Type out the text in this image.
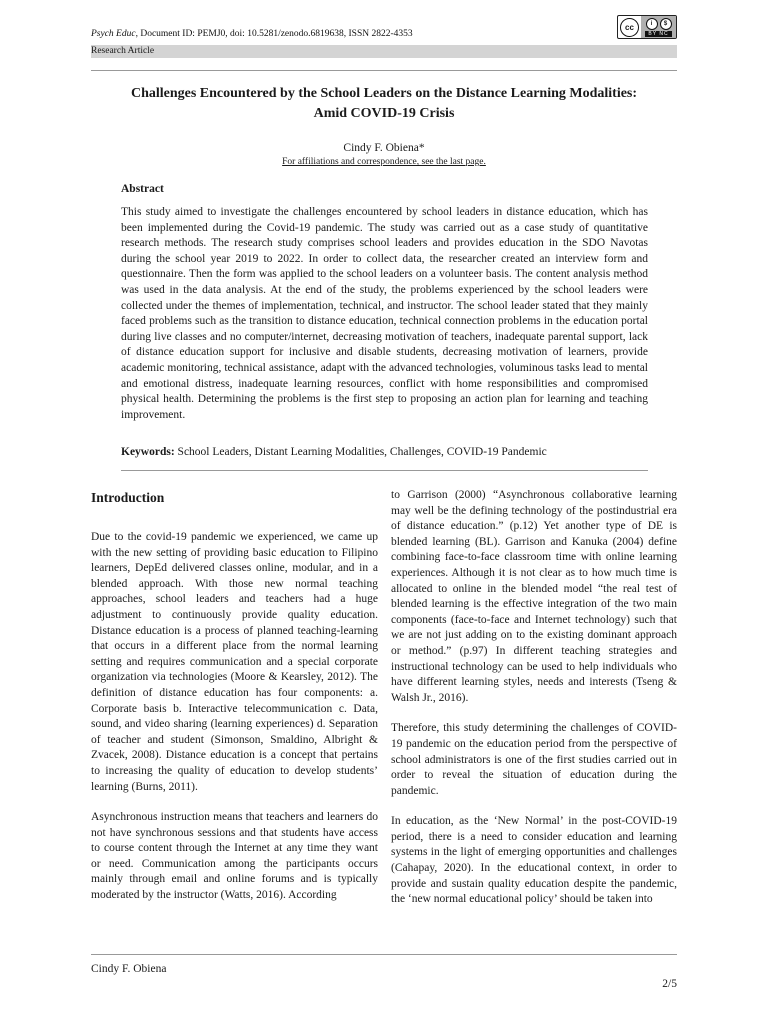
Psych Educ, Document ID: PEMJ0, doi: 10.5281/zenodo.6819638, ISSN 2822-4353
cc	i	$
BY NC
Research Article
Challenges Encountered by the School Leaders on the Distance Learning Modalities:
Amid COVID-19 Crisis
Cindy F. Obiena*
For affiliations and correspondence, see the last page.
Abstract
This study aimed to investigate the challenges encountered by school leaders in distance education, which has been implemented during the Covid-19 pandemic. The study was carried out as a case study of quantitative research methods. The research study comprises school leaders and provides education in the SDO Navotas during the school year 2019 to 2022. In order to collect data, the researcher created an interview form and questionnaire. Then the form was applied to the school leaders on a volunteer basis. The content analysis method was used in the data analysis. At the end of the study, the problems experienced by the school leaders were collected under the themes of implementation, technical, and instructor. The school leader stated that they mainly faced problems such as the transition to distance education, technical connection problems in the education portal during live classes and no computer/internet, decreasing motivation of teachers, inadequate parental support, lack of distance education support for inclusive and disable students, decreasing motivation of learners, provide academic monitoring, technical assistance, adapt with the advanced technologies, voluminous tasks lead to mental and emotional distress, inadequate learning resources, conflict with home responsibilities and compromised physical health. Determining the problems is the first step to proposing an action plan for learning and teaching improvement.
Keywords: School Leaders, Distant Learning Modalities, Challenges, COVID-19 Pandemic
Introduction

Due to the covid-19 pandemic we experienced, we came up with the new setting of providing basic education to Filipino learners, DepEd delivered classes online, modular, and in a blended approach. With those new normal teaching approaches, school leaders and teachers had a huge adjustment to continuously provide quality education. Distance education is a process of planned teaching-learning that occurs in a different place from the normal learning setting and requires communication and a special corporate organization via technologies (Moore & Kearsley, 2012). The definition of distance education has four components: a. Corporate basis b. Interactive telecommunication c. Data, sound, and video sharing (learning experiences) d. Separation of teacher and student (Simonson, Smaldino, Albright & Zvacek, 2008). Distance education is a concept that pertains to increasing the quality of education to develop students’ learning (Burns, 2011).

Asynchronous instruction means that teachers and learners do not have synchronous sessions and that students have access to course content through the Internet at any time they want or need. Communication among the participants occurs mainly through email and online forums and is typically moderated by the instructor (Watts, 2016). According

to Garrison (2000) “Asynchronous collaborative learning may well be the defining technology of the postindustrial era of distance education.” (p.12) Yet another type of DE is blended learning (BL). Garrison and Kanuka (2004) define combining face-to-face classroom time with online learning experiences. Although it is not clear as to how much time is allocated to online in the blended model “the real test of blended learning is the effective integration of the two main components (face-to-face and Internet technology) such that we are not just adding on to the existing dominant approach or method.” (p.97) In different teaching strategies and instructional technology can be used to help individuals who have different learning styles, needs and interests (Tseng & Walsh Jr., 2016).

Therefore, this study determining the challenges of COVID-19 pandemic on the education period from the perspective of school administrators is one of the first studies carried out in order to reveal the situation of education during the pandemic.

In education, as the ‘New Normal’ in the post-COVID-19 period, there is a need to consider education and learning systems in the light of emerging opportunities and challenges (Cahapay, 2020). In the educational context, in order to provide and sustain quality education despite the pandemic, the ‘new normal educational policy’ should be taken into

Cindy F. Obiena
2/5
